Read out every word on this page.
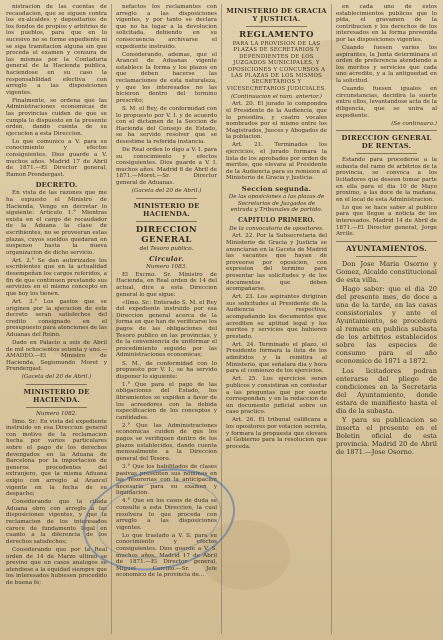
nistracion de las cuentas de recaudacion, que se siguen contra los ex-alcaldes y depositarios de los fondos de propios y arbitrios de los pueblos, para que en lo sucesivo no se forme expediente ni se siga tramitacion alguna sin que proceda el examen y censura de las mismas por la Contaduria general de la Hacienda publica, haciendose en su caso la responsabilidad efectiva con arreglo a las disposiciones vigentes.

Finalmente, se ordena que las Administraciones economicas de las provincias cuiden de que se cumpla lo dispuesto en la presente orden, dando cuenta de su ejecucion a esta Direccion.

Lo que comunico a V. para su conocimiento y efectos consiguientes. Dios guarde a V. muchos años. Madrid 17 de Abril de 1871.—El Director general, Ramon Prendergast.

DECRETO.

En vista de las razones que me ha expuesto el Ministro de Hacienda, Vengo en decretar lo siguiente: Articulo 1.° Mientras exista en el cargo de recaudador de la Aduana la clase de escribientes, no se proveeran estas plazas, cuyos sueldos quedaran en suspenso hasta la nueva organizacion de dicho servicio.

Art. 2.° Se dan autorizados los escribientes que en la actualidad desempeñan los cargos referidos, a fin de que continuen prestando sus servicios en el mismo concepto en que hoy los tienen.

Art. 3.° Los gastos que se originen por la ejecucion de este decreto seran satisfechos del credito consignado en el presupuesto para atenciones de las Aduanas del Reino.

Dado en Palacio a seis de Abril de mil ochocientos setenta y uno.—AMADEO.—El Ministro de Hacienda, Segismundo Moret y Prendergast.

(Gaceta del 20 de Abril.)
MINISTERIO DE HACIENDA.
Numero 1082.

Ilmo. Sr.: En vista del expediente instruido en esa Direccion general con motivo de la reclamacion hecha por varios particulares sobre el pago de los derechos devengados en la Aduana de Barcelona por la importacion de generos procedentes del extranjero, que la misma Aduana exigio con arreglo al Arancel vigente en la fecha de su despacho;

Considerando que la citada Aduana obro con arreglo a las disposiciones vigentes, y que la reclamacion de los interesados carece de fundamento legal en cuanto a la diferencia de los derechos satisfechos;

Considerando que por la Real orden de 14 de Marzo ultimo se previno que en casos analogos se atendiese a la equidad siempre que los interesados hubiesen procedido de buena fe;

nefactos los reclamantes con arreglo a las disposiciones vigentes, y por tanto se declara que no ha lugar a la devolucion solicitada, debiendo en su consecuencia archivarse el expediente instruido.

Considerando, ademas, que el Arancel de Aduanas vigente establece la forma y los plazos en que deben hacerse las reclamaciones de esta naturaleza, y que los interesados no las hicieron dentro del termino prescrito;

S. M. el Rey, de conformidad con lo propuesto por V. I. y de acuerdo con el dictamen de la Seccion de Hacienda del Consejo de Estado, se ha servido resolver que se desestime la referida instancia.

De Real orden lo digo a V. I. para su conocimiento y efectos consiguientes. Dios guarde a V. I. muchos años. Madrid 6 de Abril de 1871.—Moret.—Sr. Director general de Aduanas.

(Gaceta del 20 de Abril.)
MINISTERIO DE HACIENDA.
DIRECCION GENERAL
del Tesoro publico.
Circular.
Numero 1083.

El Excmo. Sr. Ministro de Hacienda, en Real orden de 14 del actual, dice a esta Direccion general lo que sigue:

«Ilmo. Sr.: Enterado S. M. el Rey del expediente instruido por esa Direccion general acerca de la forma en que han de verificarse los pagos de las obligaciones del Tesoro publico en las provincias, y de la conveniencia de uniformar el procedimiento seguido por las Administraciones economicas;

S. M., de conformidad con lo propuesto por V. I., se ha servido disponer lo siguiente:

1.° Que para el pago de las obligaciones del Estado, los libramientos se expidan a favor de los acreedores con la debida especificacion de los conceptos y cantidades.

2.° Que las Administraciones economicas cuiden de que los pagos se verifiquen dentro de los plazos establecidos, dando cuenta mensualmente a la Direccion general del Tesoro.

3.° Que los habilitados de clases pasivas presenten sus nominas en las Tesorerias con la anticipacion necesaria para su examen y liquidacion.

4.° Que en los casos de duda se consulte a esta Direccion, la cual resolvera lo que proceda con arreglo a las disposiciones vigentes.

Lo que traslado a V. S. para su conocimiento y efectos consiguientes. Dios guarde a V. S. muchos años. Madrid 17 de Abril de 1871.—El Director general, Miguel Carrillo.—Sr. Jefe economico de la provincia de...

MINISTERIO DE GRACIA Y JUSTICIA.
REGLAMENTO

PARA LA PROVISION DE LAS PLAZAS DE SECRETARIOS Y DEPENDIENTES DE LOS JUZGADOS MUNICIPALES, Y OPOSICIONES Y CONCURSOS A LAS PLAZAS DE LOS MISMOS SECRETARIOS Y VICESECRETARIOS JUDICIALES.

(Continuacion el num. anterior.)

Art. 20. El jurado lo compondra el Presidente de la Audiencia, que lo presidira, y cuatro vocales nombrados por el mismo entre los Magistrados, Jueces y Abogados de la poblacion.

Art. 21. Terminados los ejercicios, el jurado formara la lista de los aprobados por orden de meritos, que elevara al Presidente de la Audiencia para su remision al Ministerio de Gracia y Justicia.

Seccion segunda.
De las oposiciones a las plazas de Secretarios de Juzgados de entrada y Tribunales de partido.
CAPITULO PRIMERO.
De la convocatoria de opositores.

Art. 22. Por la Subsecretaria del Ministerio de Gracia y Justicia se anunciaran en la Gaceta de Madrid las vacantes que hayan de proveerse por oposicion, con expresion del termino para presentar las solicitudes y de los documentos que deben acompañarse.

Art. 23. Los aspirantes dirigiran sus solicitudes al Presidente de la Audiencia respectiva, acompañando los documentos que acrediten su aptitud legal y los meritos y servicios que hubieren prestado.

Art. 24. Terminado el plazo, el Presidente formara la lista de los admitidos y la remitira al Ministerio, que señalara dia y hora para el comienzo de los ejercicios.

Art. 25. Los ejercicios seran publicos y consistiran en contestar a las preguntas que por suerte correspondan, y en la redaccion de un documento judicial sobre un caso practico.

Art. 26. El tribunal calificara a los opositores por votacion secreta, y formara la propuesta que elevara al Gobierno para la resolucion que proceda.

en cada uno de estos establecimientos publicos que lo pida, el gravamen de la contribucion y los derechos de los interesados en la forma prevenida por las disposiciones vigentes.

Cuando fuesen varios los aspirantes, la Junta determinara el orden de preferencia atendiendo a los meritos y servicios que cada uno acredite, y a la antiguedad en la solicitud.

Cuando fuesen iguales en circunstancias, decidira la suerte entre ellos, levantandose acta de la diligencia, que se unira al expediente.

(Se continuara.)
DIRECCION GENERAL DE RENTAS.

Estando para procederse a la subasta del ramo de arbitrios de la provincia, se convoca a los licitadores que deseen tomar parte en ella para el dia 10 de Mayo proximo, a las doce de la mañana, en el local de esta Administracion.

Lo que se hace saber al publico para que llegue a noticia de los interesados. Madrid 14 de Abril de 1871.—El Director general, Jorge Arcile.

AYUNTAMIENTOS.

Don Jose Maria Osorno y Gomez, Alcalde constitucional de esta villa.

Hago saber: que el dia 20 del presente mes, de doce a una de la tarde, en las casas consistoriales y ante el Ayuntamiento, se procedera al remate en publica subasta de los arbitrios establecidos sobre las especies de consumo para el año economico de 1871 a 1872.

Los licitadores podran enterarse del pliego de condiciones en la Secretaria del Ayuntamiento, donde estara de manifiesto hasta el dia de la subasta.

Y para su publicacion se inserta el presente en el Boletin oficial de esta provincia. Madrid 20 de Abril de 1871.—Jose Osorno.
